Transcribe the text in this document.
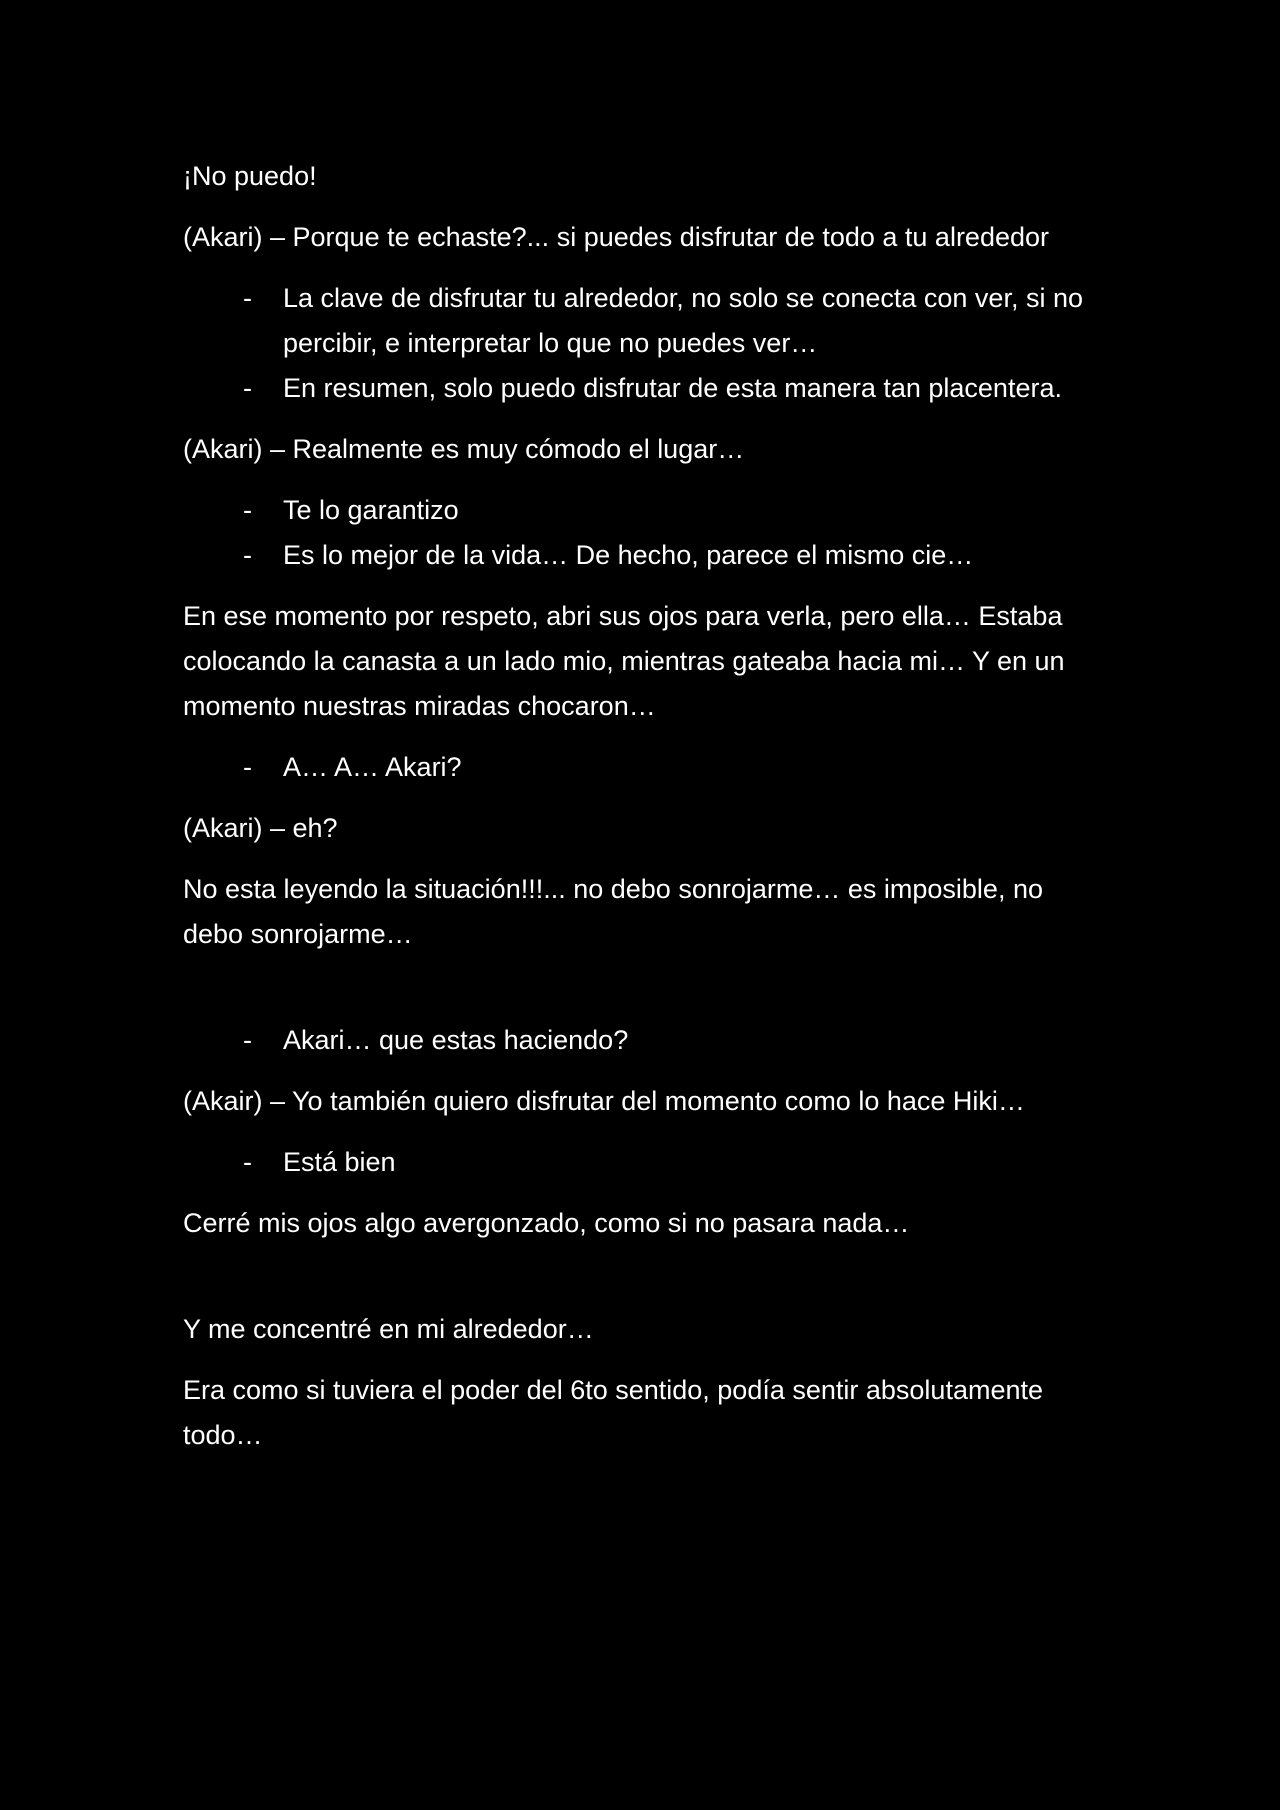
¡No puedo!

(Akari) – Porque te echaste?... si puedes disfrutar de todo a tu alrededor

- La clave de disfrutar tu alrededor, no solo se conecta con ver, si no percibir, e interpretar lo que no puedes ver…
- En resumen, solo puedo disfrutar de esta manera tan placentera.

(Akari) – Realmente es muy cómodo el lugar…

- Te lo garantizo
- Es lo mejor de la vida… De hecho, parece el mismo cie…

En ese momento por respeto, abri sus ojos para verla, pero ella… Estaba colocando la canasta a un lado mio, mientras gateaba hacia mi… Y en un momento nuestras miradas chocaron…

- A… A… Akari?

(Akari) – eh?

No esta leyendo la situación!!!... no debo sonrojarme… es imposible, no debo sonrojarme…

- Akari… que estas haciendo?

(Akair) – Yo también quiero disfrutar del momento como lo hace Hiki…

- Está bien

Cerré mis ojos algo avergonzado, como si no pasara nada…

Y me concentré en mi alrededor…

Era como si tuviera el poder del 6to sentido, podía sentir absolutamente todo…
